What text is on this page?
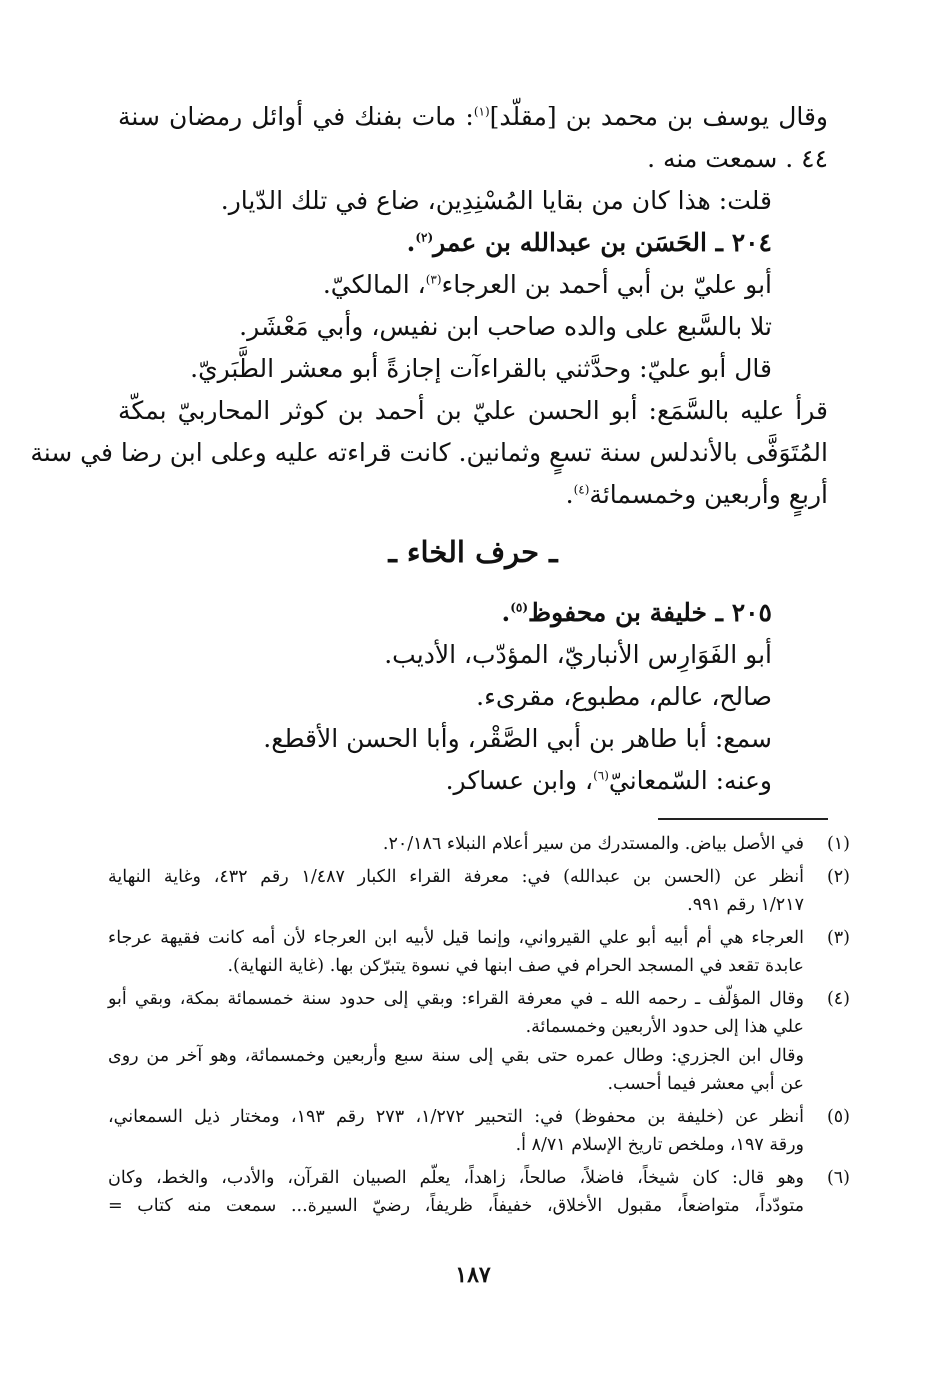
وقال يوسف بن محمد بن [مقلّد]$^{(١)}$: مات بفنك في أوائل رمضان سنة
٤٤ . سمعت منه .
قلت: هذا كان من بقايا المُسْنِدِين، ضاع في تلك الدّيار.
٢٠٤ ـ الحَسَن بن عبدالله بن عمر$^{(٢)}$.
أبو عليّ بن أبي أحمد بن العرجاء$^{(٣)}$، المالكيّ.
تلا بالسَّبع على والده صاحب ابن نفيس، وأبي مَعْشَر.
قال أبو عليّ: وحدَّثني بالقراءآت إجازةً أبو معشر الطَّبَريّ.
قرأ عليه بالسَّمَع: أبو الحسن عليّ بن أحمد بن كوثر المحاربيّ بمكّة
المُتَوَفَّى بالأندلس سنة تسعٍ وثمانين. كانت قراءته عليه وعلى ابن رضا في سنة
أربعٍ وأربعين وخمسمائة$^{(٤)}$.
ـ حرف الخاء ـ
٢٠٥ ـ خليفة بن محفوظ$^{(٥)}$.
أبو الفَوَارِس الأنباريّ، المؤدّب، الأديب.
صالح، عالم، مطبوع، مقرىء.
سمع: أبا طاهر بن أبي الصَّقْر، وأبا الحسن الأقطع.
وعنه: السّمعانيّ$^{(٦)}$، وابن عساكر.
(١)
في الأصل بياض. والمستدرك من سير أعلام النبلاء ٢٠/١٨٦.
(٢)
أنظر عن (الحسن بن عبدالله) في: معرفة القراء الكبار ١/٤٨٧ رقم ٤٣٢، وغاية النهاية
١/٢١٧ رقم ٩٩١.
(٣)
العرجاء هي أم أبيه أبو علي القيرواني، وإنما قيل لأبيه ابن العرجاء لأن أمه كانت فقيهة عرجاء
عابدة تقعد في المسجد الحرام في صف ابنها في نسوة يتبرّكن بها. (غاية النهاية).
(٤)
وقال المؤلّف ـ رحمه الله ـ في معرفة القراء: وبقي إلى حدود سنة خمسمائة بمكة، وبقي أبو
علي هذا إلى حدود الأربعين وخمسمائة.
وقال ابن الجزري: وطال عمره حتى بقي إلى سنة سبع وأربعين وخمسمائة، وهو آخر من روى
عن أبي معشر فيما أحسب.
(٥)
أنظر عن (خليفة بن محفوظ) في: التحبير ١/٢٧٢، ٢٧٣ رقم ١٩٣، ومختار ذيل السمعاني،
ورقة ١٩٧، وملخص تاريخ الإسلام ٨/٧١ أ.
(٦)
وهو قال: كان شيخاً، فاضلاً، صالحاً، زاهداً، يعلّم الصبيان القرآن، والأدب، والخط، وكان
متودّداً، متواضعاً، مقبول الأخلاق، خفيفاً، ظريفاً، رضيّ السيرة... سمعت منه كتاب =
١٨٧
